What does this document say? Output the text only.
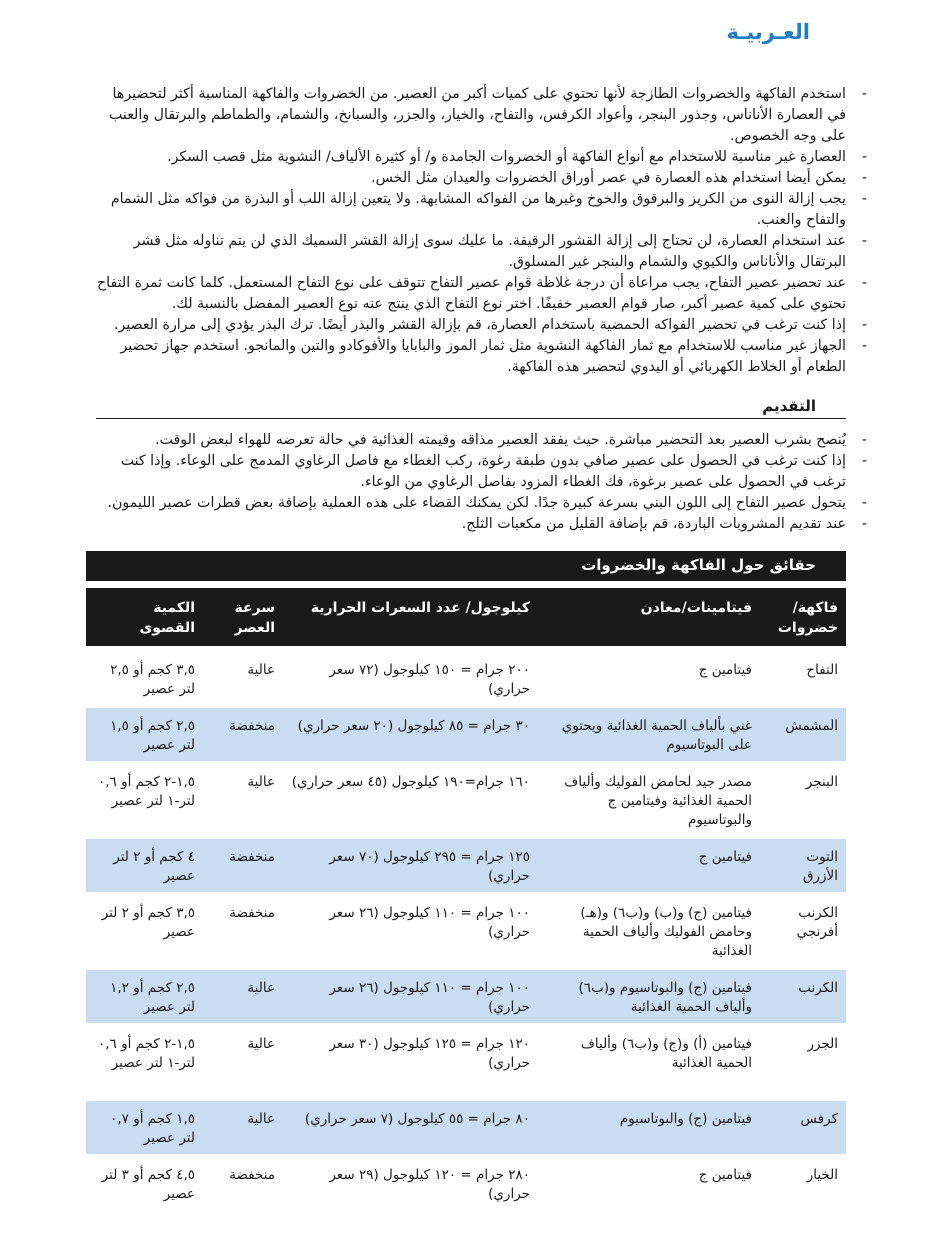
العـربيـة
-
استخدم الفاكهة والخضروات الطازجة لأنها تحتوي على كميات أكبر من العصير. من الخضروات والفاكهة المناسبة أكثر لتحضيرها في العصارة الأناناس، وجذور البنجر، وأعواد الكرفس، والتفاح، والخيار، والجزر، والسبانخ، والشمام، والطماطم والبرتقال والعنب على وجه الخصوص.
-
العصارة غير مناسبة للاستخدام مع أنواع الفاكهة أو الخضروات الجامدة و/ أو كثيرة الألياف/ النشوية مثل قصب السكر.
-
يمكن أيضا استخدام هذه العصارة في عصر أوراق الخضروات والعيدان مثل الخس.
-
يجب إزالة النوى من الكريز والبرقوق والخوخ وغيرها من الفواكه المشابهة. ولا يتعين إزالة اللب أو البذرة من فواكه مثل الشمام والتفاح والعنب.
-
عند استخدام العصارة، لن تحتاج إلى إزالة القشور الرقيقة. ما عليك سوى إزالة القشر السميك الذي لن يتم تناوله مثل قشر البرتقال والأناناس والكيوي والشمام والبنجر غير المسلوق.
-
عند تحضير عصير التفاح، يجب مراعاة أن درجة غلاظة قوام عصير التفاح تتوقف على نوع التفاح المستعمل. كلما كانت ثمرة التفاح تحتوي على كمية عصير أكبر، صار قوام العصير خفيفًا. اختر نوع التفاح الذي ينتج عنه نوع العصير المفضل بالنسبة لك.
-
إذا كنت ترغب في تحضير الفواكه الحمضية باستخدام العصارة، قم بإزالة القشر والبذر أيضًا. ترك البذر يؤدي إلى مرارة العصير.
-
الجهاز غير مناسب للاستخدام مع ثمار الفاكهة النشوية مثل ثمار الموز والبابايا والأفوكادو والتين والمانجو. استخدم جهاز تحضير الطعام أو الخلاط الكهربائي أو اليدوي لتحضير هذه الفاكهة.
التقديم
-
يُنصح بشرب العصير بعد التحضير مباشرة. حيث يفقد العصير مذاقه وقيمته الغذائية في حالة تعرضه للهواء لبعض الوقت.
-
إذا كنت ترغب في الحصول على عصير صافي بدون طبقة رغوة، ركب الغطاء مع فاصل الرغاوي المدمج على الوعاء. وإذا كنت ترغب في الحصول على عصير برغوة، فك الغطاء المزود بفاصل الرغاوي من الوعاء.
-
يتحول عصير التفاح إلى اللون البني بسرعة كبيرة جدًا. لكن يمكنك القضاء على هذه العملية بإضافة بعض قطرات عصير الليمون.
-
عند تقديم المشروبات الباردة، قم بإضافة القليل من مكعبات الثلج.
حقائق حول الفاكهة والخضروات
فاكهة/ خضروات	فيتامينات/معادن	كيلوجول/ عدد السعرات الحرارية	سرعة العصر	الكمية القصوى
التفاح	فيتامين ج	٢٠٠ جرام = ١٥٠ كيلوجول (٧٢ سعر حراري)	عالية	٣,٥ كجم أو ٢,٥ لتر عصير
المشمش	غني بألياف الحمية الغذائية ويحتوي على البوتاسيوم	٣٠ جرام = ٨٥ كيلوجول (٢٠ سعر حراري)	منخفضة	٢,٥ كجم أو ١,٥ لتر عصير
البنجر	مصدر جيد لحامض الفوليك وألياف الحمية الغذائية وفيتامين ج والبوتاسيوم	١٦٠ جرام=١٩٠ كيلوجول (٤٥ سعر حراري)	عالية	١,٥-٢ كجم أو ٠,٦ لتر-١ لتر عصير
التوت الأزرق	فيتامين ج	١٢٥ جرام = ٢٩٥ كيلوجول (٧٠ سعر حراري)	منخفضة	٤ كجم أو ٢ لتر عصير
الكرنب أفرنجي	فيتامين (ج) و(ب) و(ب٦) و(هـ) وحامض الفوليك وألياف الحمية الغذائية	١٠٠ جرام = ١١٠ كيلوجول (٢٦ سعر حراري)	منخفضة	٣,٥ كجم أو ٢ لتر عصير
الكرنب	فيتامين (ج) والبوتاسيوم و(ب٦) وألياف الحمية الغذائية	١٠٠ جرام = ١١٠ كيلوجول (٢٦ سعر حراري)	عالية	٢,٥ كجم أو ١,٢ لتر عصير
الجزر	فيتامين (أ) و(ج) و(ب٦) وألياف الحمية الغذائية	١٢٠ جرام = ١٢٥ كيلوجول (٣٠ سعر حراري)	عالية	١,٥-٢ كجم أو ٠,٦ لتر-١ لتر عصير
كرفس	فيتامين (ج) والبوتاسيوم	٨٠ جرام = ٥٥ كيلوجول (٧ سعر حراري)	عالية	١,٥ كجم أو ٠,٧ لتر عصير
الخيار	فيتامين ج	٢٨٠ جرام = ١٢٠ كيلوجول (٢٩ سعر حراري)	منخفضة	٤,٥ كجم أو ٣ لتر عصير
